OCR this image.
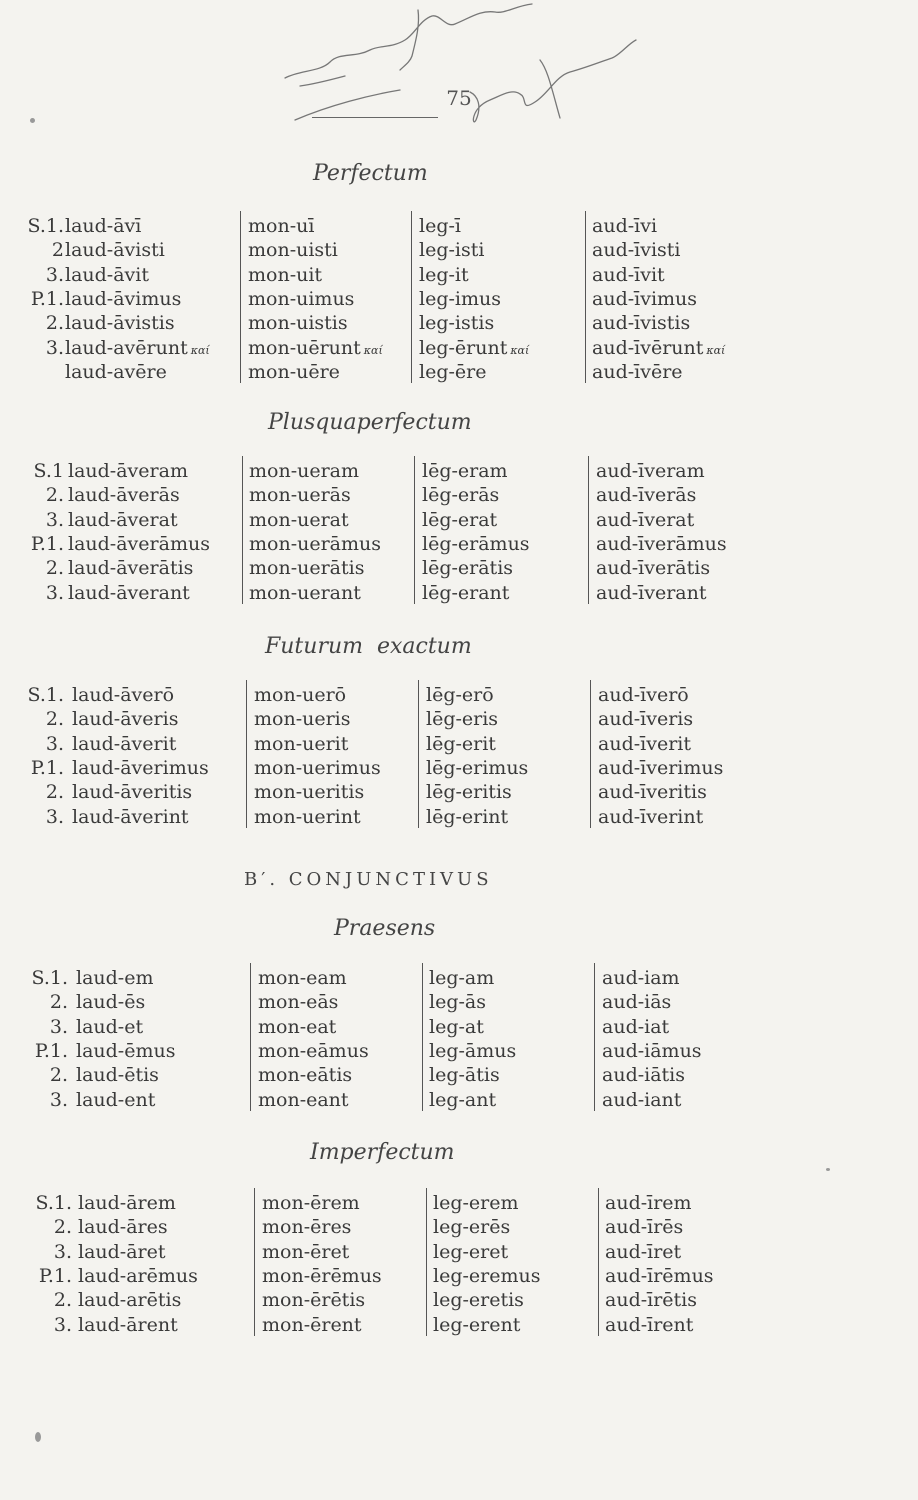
75
Perfectum
Plusquaperfectum
Futurum  exactum
B′. CONJUNCTIVUS
Praesens
Imperfectum
S.1. laud-āvī	mon-uī	leg-ī	aud-īvi
2 laud-āvisti	mon-uisti	leg-isti	aud-īvisti
3. laud-āvit	mon-uit	leg-it	aud-īvit
P.1. laud-āvimus	mon-uimus	leg-imus	aud-īvimus
2. laud-āvistis	mon-uistis	leg-istis	aud-īvistis
3. laud-avērunt καί mon-uērunt καί leg-ērunt καί	aud-īvērunt καί
laud-avēre	mon-uēre	leg-ēre	aud-īvēre
S.1 laud-āveram	mon-ueram	lēg-eram	aud-īveram
2. laud-āverās	mon-uerās	lēg-erās	aud-īverās
3. laud-āverat	mon-uerat	lēg-erat	aud-īverat
P.1. laud-āverāmus mon-uerāmus lēg-erāmus	aud-īverāmus
2. laud-āverātis	mon-uerātis	lēg-erātis	aud-īverātis
3. laud-āverant	mon-uerant	lēg-erant	aud-īverant
S.1. laud-āverō	mon-uerō	lēg-erō	aud-īverō
2. laud-āveris	mon-ueris	lēg-eris	aud-īveris
3. laud-āverit	mon-uerit	lēg-erit	aud-īverit
P.1. laud-āverimus mon-uerimus lēg-erimus	aud-īverimus
2. laud-āveritis	mon-ueritis	lēg-eritis	aud-īveritis
3. laud-āverint	mon-uerint	lēg-erint	aud-īverint
S.1. laud-em	mon-eam	leg-am	aud-iam
2. laud-ēs	mon-eās	leg-ās	aud-iās
3. laud-et	mon-eat	leg-at	aud-iat
P.1. laud-ēmus	mon-eāmus	leg-āmus	aud-iāmus
2. laud-ētis	mon-eātis	leg-ātis	aud-iātis
3. laud-ent	mon-eant	leg-ant	aud-iant
S.1. laud-ārem	mon-ērem	leg-erem	aud-īrem
2. laud-āres	mon-ēres	leg-erēs	aud-īrēs
3. laud-āret	mon-ēret	leg-eret	aud-īret
P.1. laud-arēmus	mon-ērēmus	leg-eremus	aud-īrēmus
2. laud-arētis	mon-ērētis	leg-eretis	aud-īrētis
3. laud-ārent	mon-ērent	leg-erent	aud-īrent
